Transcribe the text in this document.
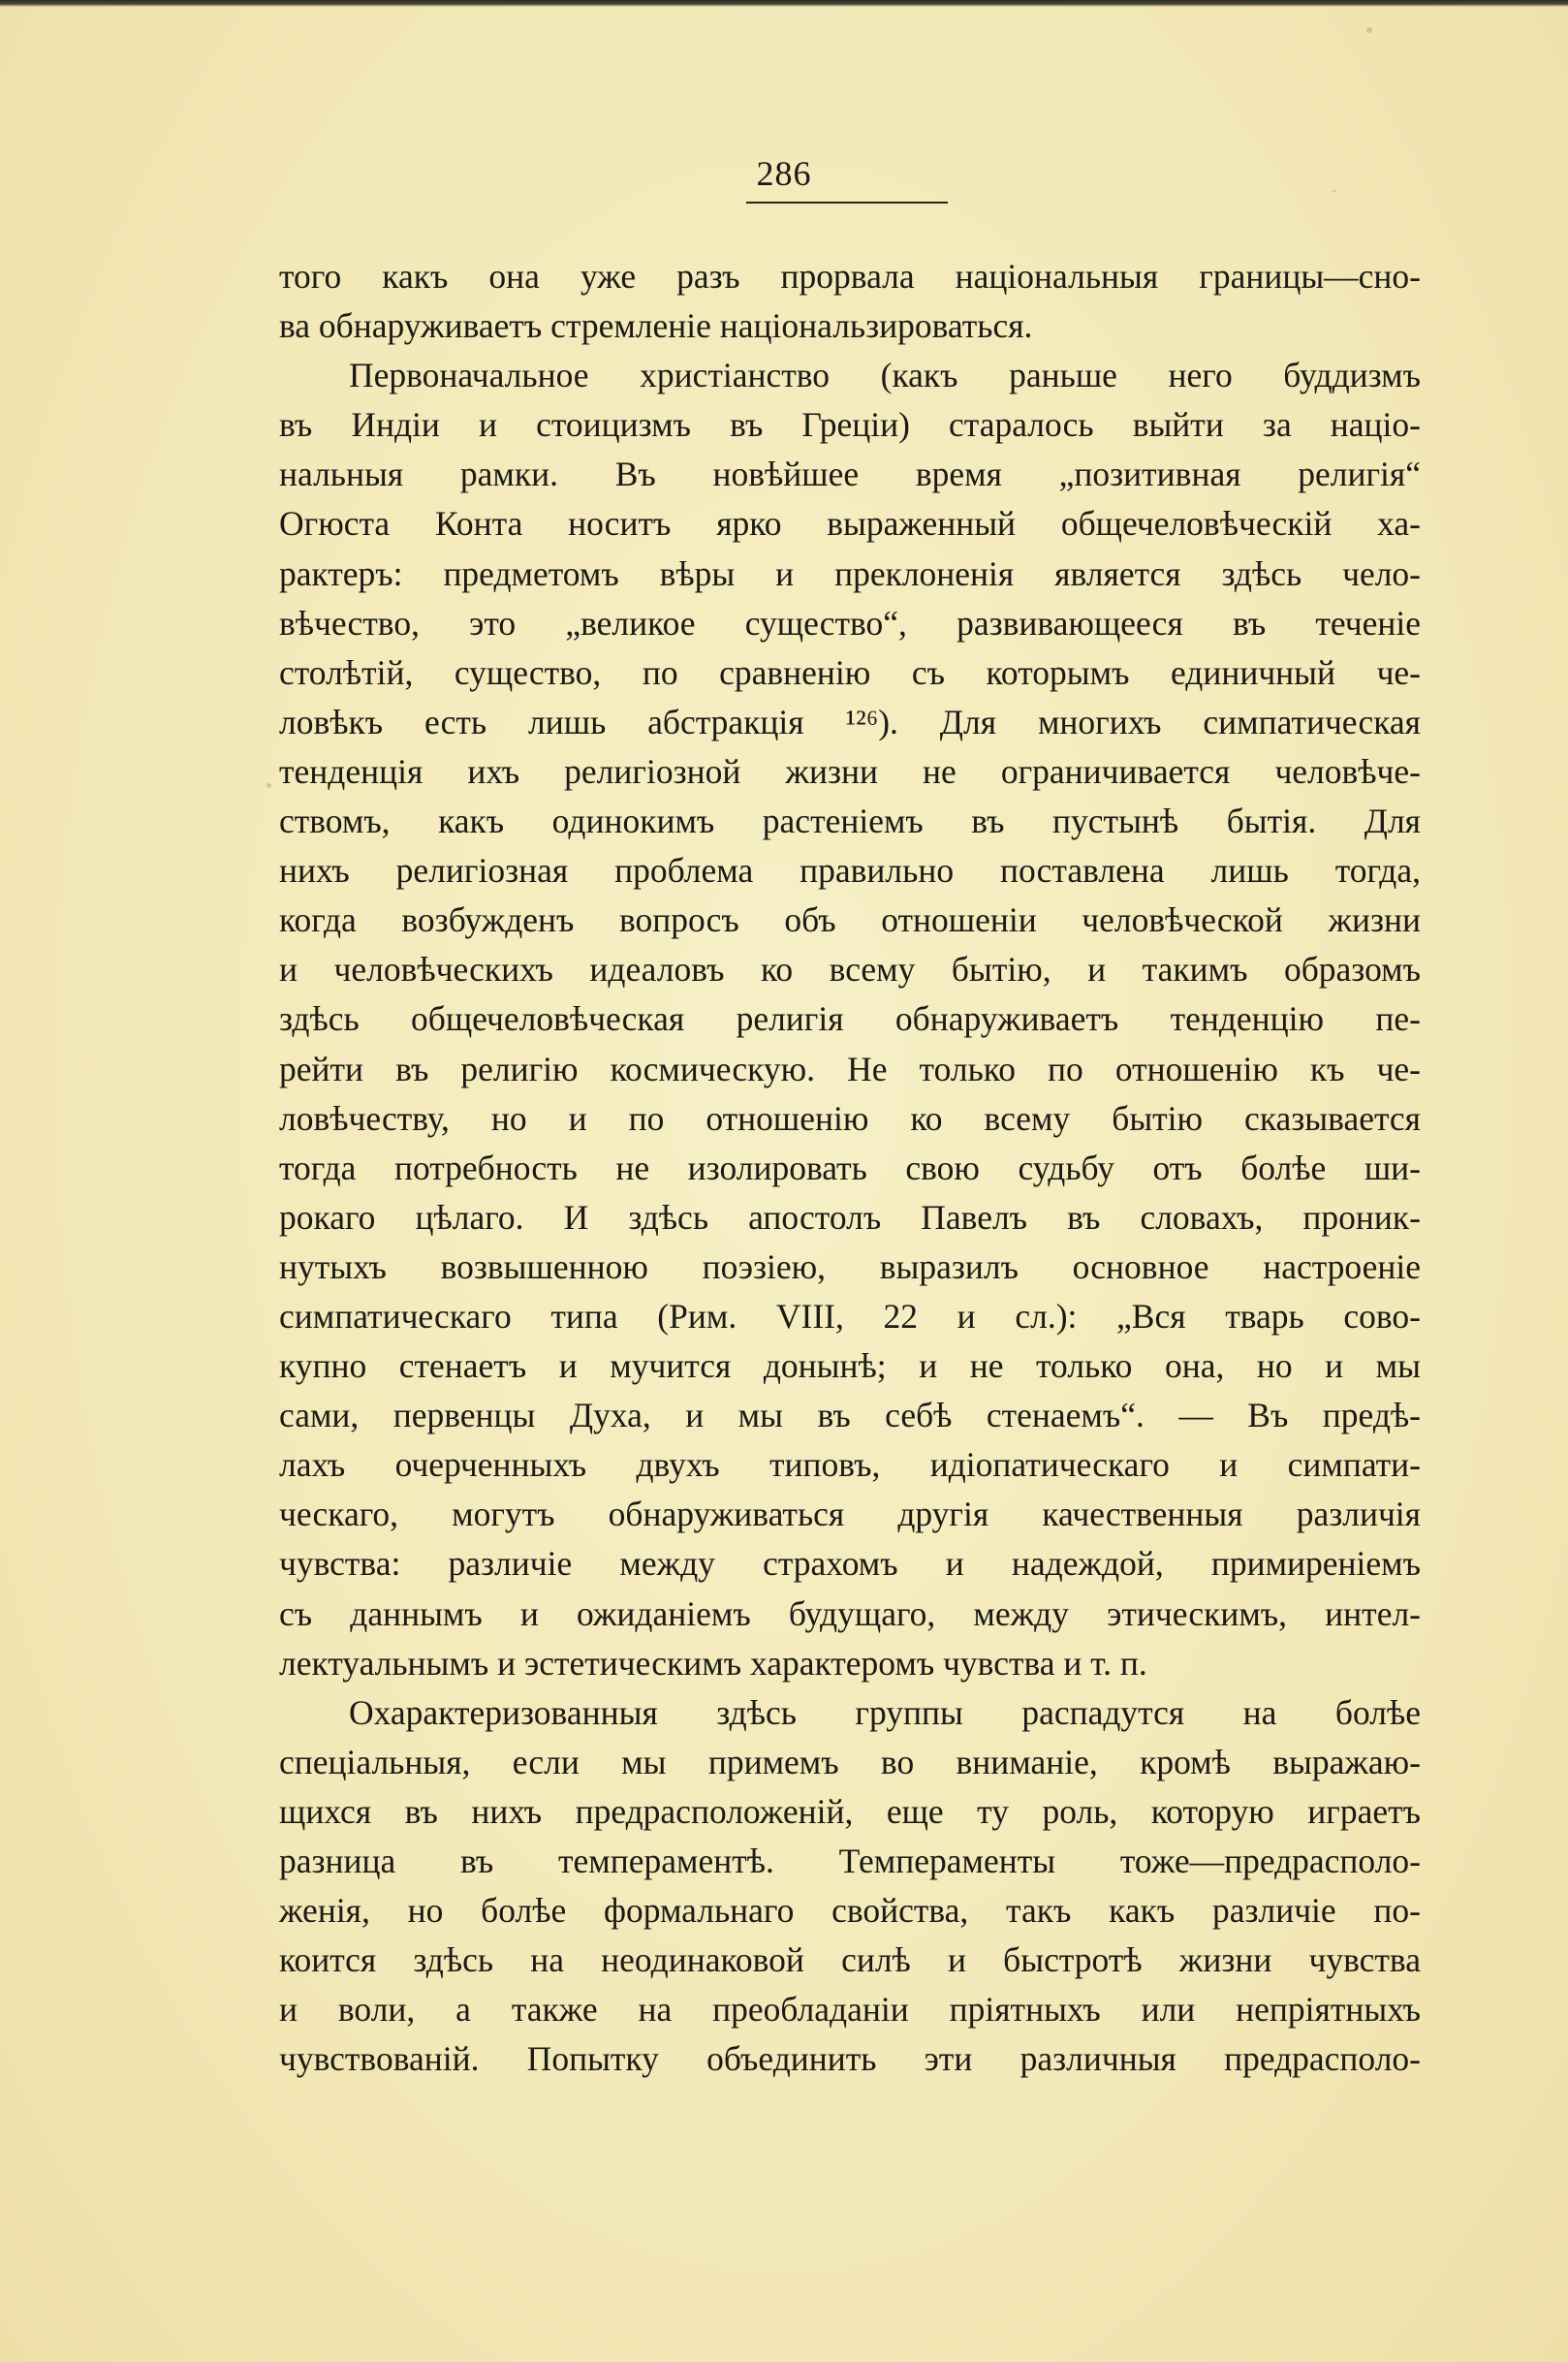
286
того какъ она уже разъ прорвала національныя границы—сно-
ва обнаруживаетъ стремленіе національзироваться.
Первоначальное христіанство (какъ раньше него буддизмъ
въ Индіи и стоицизмъ въ Греціи) старалось выйти за націо-
нальныя рамки. Въ новѣйшее время „позитивная религія“
Огюста Конта носитъ ярко выраженный общечеловѣческій ха-
рактеръ: предметомъ вѣры и преклоненія является здѣсь чело-
вѣчество, это „великое существо“, развивающееся въ теченіе
столѣтій, существо, по сравненію съ которымъ единичный че-
ловѣкъ есть лишь абстракція ¹²⁶). Для многихъ симпатическая
тенденція ихъ религіозной жизни не ограничивается человѣче-
ствомъ, какъ одинокимъ растеніемъ въ пустынѣ бытія. Для
нихъ религіозная проблема правильно поставлена лишь тогда,
когда возбужденъ вопросъ объ отношеніи человѣческой жизни
и человѣческихъ идеаловъ ко всему бытію, и такимъ образомъ
здѣсь общечеловѣческая религія обнаруживаетъ тенденцію пе-
рейти въ религію космическую. Не только по отношенію къ че-
ловѣчеству, но и по отношенію ко всему бытію сказывается
тогда потребность не изолировать свою судьбу отъ болѣе ши-
рокаго цѣлаго. И здѣсь апостолъ Павелъ въ словахъ, проник-
нутыхъ возвышенною поэзіею, выразилъ основное настроеніе
симпатическаго типа (Рим. VIII, 22 и сл.): „Вся тварь сово-
купно стенаетъ и мучится донынѣ; и не только она, но и мы
сами, первенцы Духа, и мы въ себѣ стенаемъ“. — Въ предѣ-
лахъ очерченныхъ двухъ типовъ, идіопатическаго и симпати-
ческаго, могутъ обнаруживаться другія качественныя различія
чувства: различіе между страхомъ и надеждой, примиреніемъ
съ даннымъ и ожиданіемъ будущаго, между этическимъ, интел-
лектуальнымъ и эстетическимъ характеромъ чувства и т. п.
Охарактеризованныя здѣсь группы распадутся на болѣе
спеціальныя, если мы примемъ во вниманіе, кромѣ выражаю-
щихся въ нихъ предрасположеній, еще ту роль, которую играетъ
разница въ темпераментѣ. Темпераменты тоже—предрасполо-
женія, но болѣе формальнаго свойства, такъ какъ различіе по-
коится здѣсь на неодинаковой силѣ и быстротѣ жизни чувства
и воли, а также на преобладаніи пріятныхъ или непріятныхъ
чувствованій. Попытку объединить эти различныя предрасполо-
